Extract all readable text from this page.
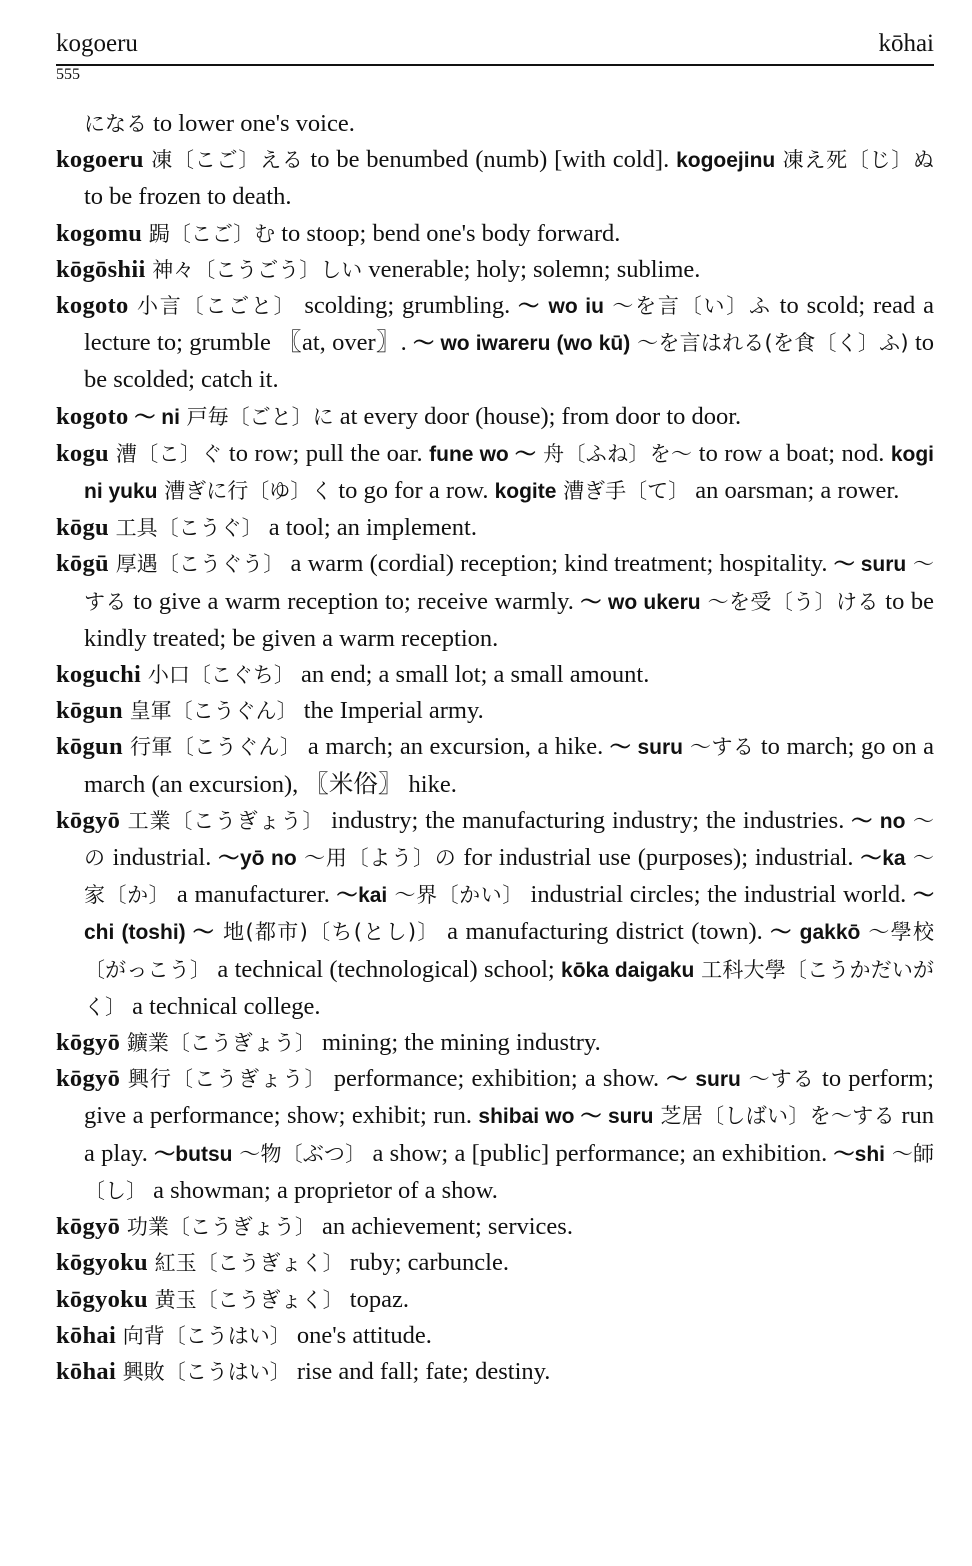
kogoeru	kōhai
555
になる to lower one's voice.
kogoeru 凍〔こご〕える to be benumbed (numb) [with cold]. kogoejinu 凍え死〔じ〕ぬ to be frozen to death.
kogomu 跼〔こご〕む to stoop; bend one's body forward.
kōgōshii 神々〔こうごう〕しい venerable; holy; solemn; sublime.
kogoto 小言〔こごと〕 scolding; grumbling. ～ wo iu ～を言〔い〕ふ to scold; read a lecture to; grumble 〖at, over〗. ～ wo iwareru (wo kū) ～を言はれる(を食〔く〕ふ) to be scolded; catch it.
kogoto ～ ni 戸毎〔ごと〕に at every door (house); from door to door.
kogu 漕〔こ〕ぐ to row; pull the oar. fune wo ～ 舟〔ふね〕を～ to row a boat; nod. kogi ni yuku 漕ぎに行〔ゆ〕く to go for a row. kogite 漕ぎ手〔て〕 an oarsman; a rower.
kōgu 工具〔こうぐ〕 a tool; an implement.
kōgū 厚遇〔こうぐう〕 a warm (cordial) reception; kind treatment; hospitality. ～ suru ～する to give a warm reception to; receive warmly. ～ wo ukeru ～を受〔う〕ける to be kindly treated; be given a warm reception.
koguchi 小口〔こぐち〕 an end; a small lot; a small amount.
kōgun 皇軍〔こうぐん〕 the Imperial army.
kōgun 行軍〔こうぐん〕 a march; an excursion, a hike. ～ suru ～する to march; go on a march (an excursion), 〖米俗〗 hike.
kōgyō 工業〔こうぎょう〕 industry; the manufacturing industry; the industries. ～ no ～の industrial. ～yō no ～用〔よう〕の for industrial use (purposes); industrial. ～ka ～家〔か〕 a manufacturer. ～kai ～界〔かい〕 industrial circles; the industrial world. ～chi (toshi) ～ 地(都市)〔ち(とし)〕 a manufacturing district (town). ～ gakkō ～學校〔がっこう〕 a technical (technological) school; kōka daigaku 工科大學〔こうかだいがく〕 a technical college.
kōgyō 鑛業〔こうぎょう〕 mining; the mining industry.
kōgyō 興行〔こうぎょう〕 performance; exhibition; a show. ～ suru ～する to perform; give a performance; show; exhibit; run. shibai wo ～ suru 芝居〔しばい〕を～する run a play. ～butsu ～物〔ぶつ〕 a show; a [public] performance; an exhibition. ～shi ～師〔し〕 a showman; a proprietor of a show.
kōgyō 功業〔こうぎょう〕 an achievement; services.
kōgyoku 紅玉〔こうぎょく〕 ruby; carbuncle.
kōgyoku 黄玉〔こうぎょく〕 topaz.
kōhai 向背〔こうはい〕 one's attitude.
kōhai 興敗〔こうはい〕 rise and fall; fate; destiny.
